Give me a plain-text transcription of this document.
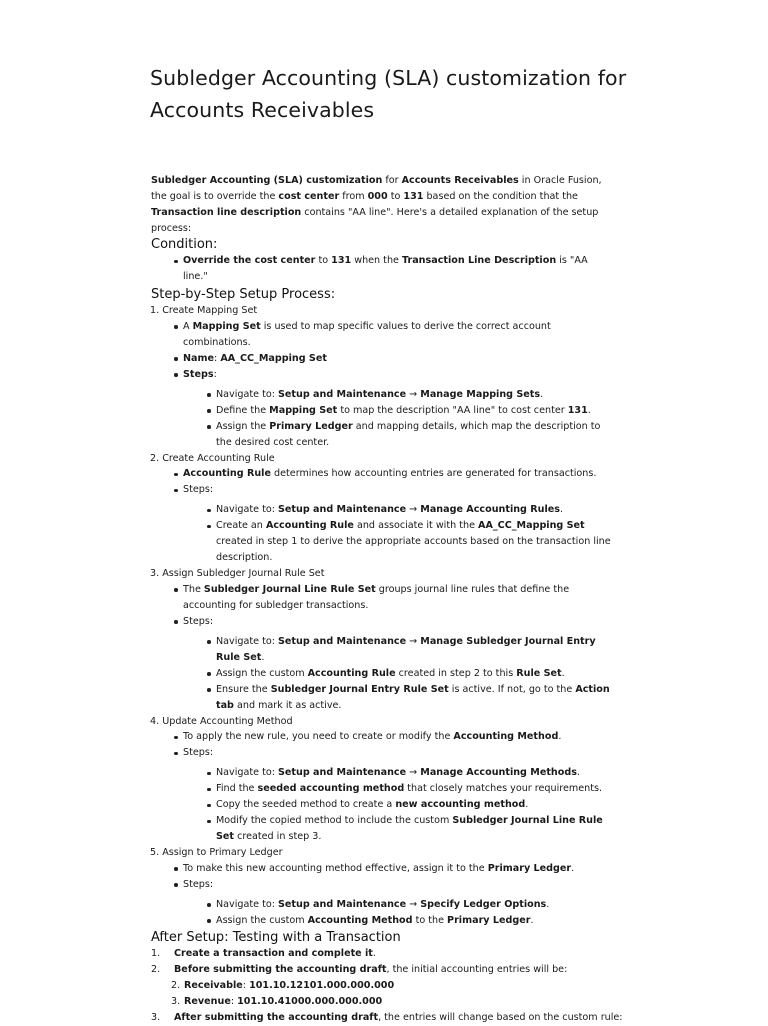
Subledger Accounting (SLA) customization for Accounts Receivables
Subledger Accounting (SLA) customization for Accounts Receivables in Oracle Fusion, the goal is to override the cost center from 000 to 131 based on the condition that the Transaction line description contains "AA line". Here's a detailed explanation of the setup process:
Condition:
Override the cost center to 131 when the Transaction Line Description is "AA line."
Step-by-Step Setup Process:
1. Create Mapping Set
A Mapping Set is used to map specific values to derive the correct account combinations.
Name: AA_CC_Mapping Set
Steps:
Navigate to: Setup and Maintenance → Manage Mapping Sets.
Define the Mapping Set to map the description "AA line" to cost center 131.
Assign the Primary Ledger and mapping details, which map the description to the desired cost center.
2. Create Accounting Rule
Accounting Rule determines how accounting entries are generated for transactions.
Steps:
Navigate to: Setup and Maintenance → Manage Accounting Rules.
Create an Accounting Rule and associate it with the AA_CC_Mapping Set created in step 1 to derive the appropriate accounts based on the transaction line description.
3. Assign Subledger Journal Rule Set
The Subledger Journal Line Rule Set groups journal line rules that define the accounting for subledger transactions.
Steps:
Navigate to: Setup and Maintenance → Manage Subledger Journal Entry Rule Set.
Assign the custom Accounting Rule created in step 2 to this Rule Set.
Ensure the Subledger Journal Entry Rule Set is active. If not, go to the Action tab and mark it as active.
4. Update Accounting Method
To apply the new rule, you need to create or modify the Accounting Method.
Steps:
Navigate to: Setup and Maintenance → Manage Accounting Methods.
Find the seeded accounting method that closely matches your requirements.
Copy the seeded method to create a new accounting method.
Modify the copied method to include the custom Subledger Journal Line Rule Set created in step 3.
5. Assign to Primary Ledger
To make this new accounting method effective, assign it to the Primary Ledger.
Steps:
Navigate to: Setup and Maintenance → Specify Ledger Options.
Assign the custom Accounting Method to the Primary Ledger.
After Setup: Testing with a Transaction
1. Create a transaction and complete it.
2. Before submitting the accounting draft, the initial accounting entries will be:
2. Receivable: 101.10.12101.000.000.000
3. Revenue: 101.10.41000.000.000.000
3. After submitting the accounting draft, the entries will change based on the custom rule:
